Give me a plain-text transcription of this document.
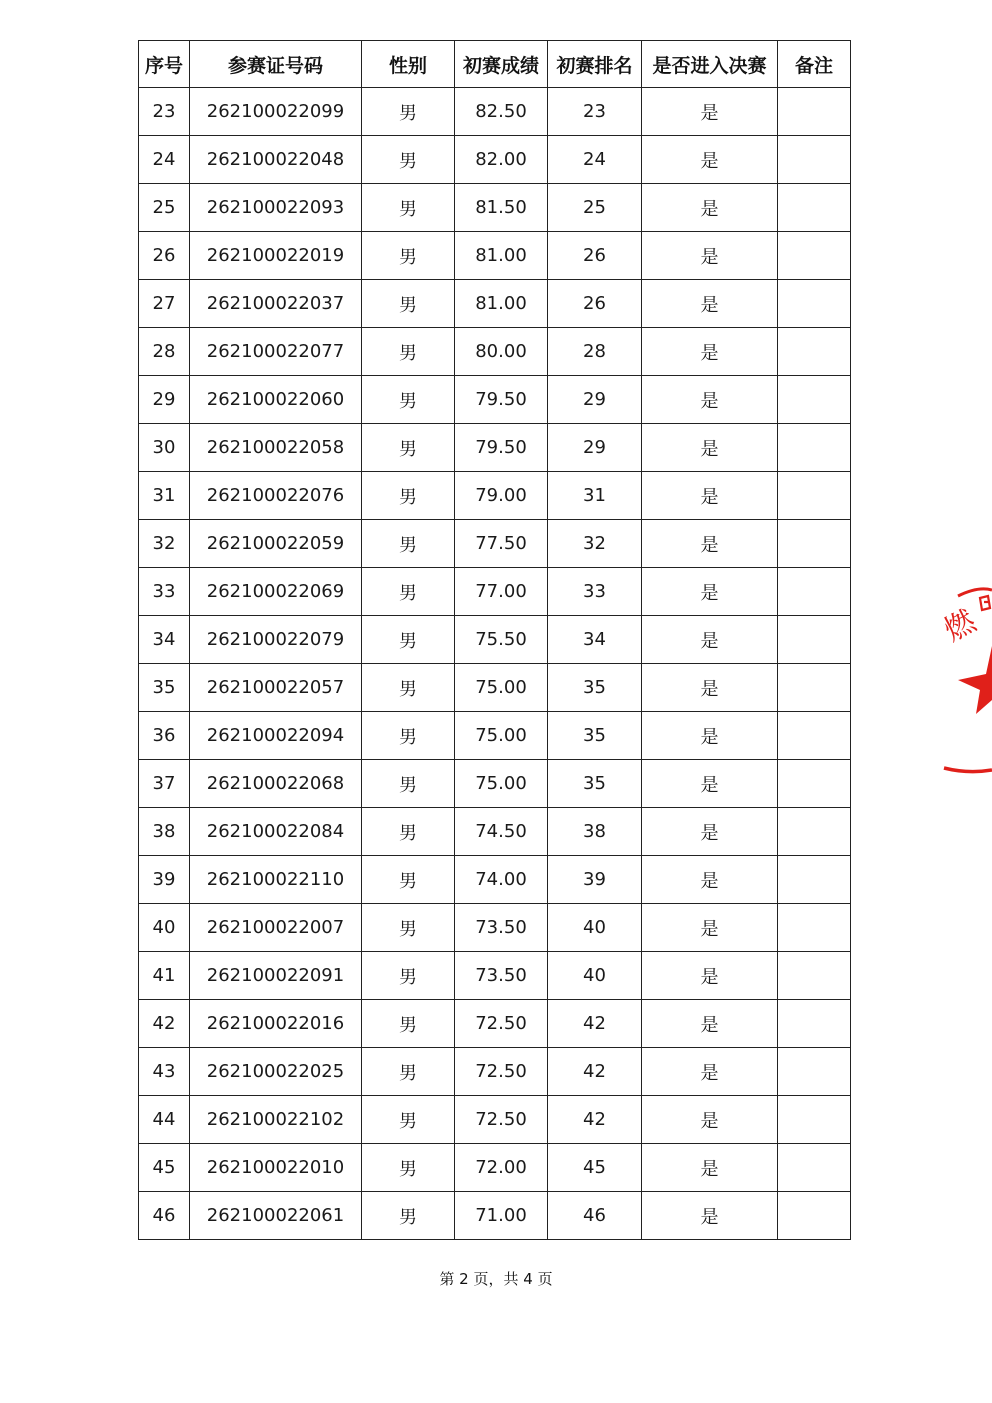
序号	参赛证号码	性别	初赛成绩	初赛排名	是否进入决赛	备注
23	262100022099	男	82.50	23	是	
24	262100022048	男	82.00	24	是	
25	262100022093	男	81.50	25	是	
26	262100022019	男	81.00	26	是	
27	262100022037	男	81.00	26	是	
28	262100022077	男	80.00	28	是	
29	262100022060	男	79.50	29	是	
30	262100022058	男	79.50	29	是	
31	262100022076	男	79.00	31	是	
32	262100022059	男	77.50	32	是	
33	262100022069	男	77.00	33	是	
34	262100022079	男	75.50	34	是	
35	262100022057	男	75.00	35	是	
36	262100022094	男	75.00	35	是	
37	262100022068	男	75.00	35	是	
38	262100022084	男	74.50	38	是	
39	262100022110	男	74.00	39	是	
40	262100022007	男	73.50	40	是	
41	262100022091	男	73.50	40	是	
42	262100022016	男	72.50	42	是	
43	262100022025	男	72.50	42	是	
44	262100022102	男	72.50	42	是	
45	262100022010	男	72.00	45	是	
46	262100022061	男	71.00	46	是	
燃
第 2 页，共 4 页
